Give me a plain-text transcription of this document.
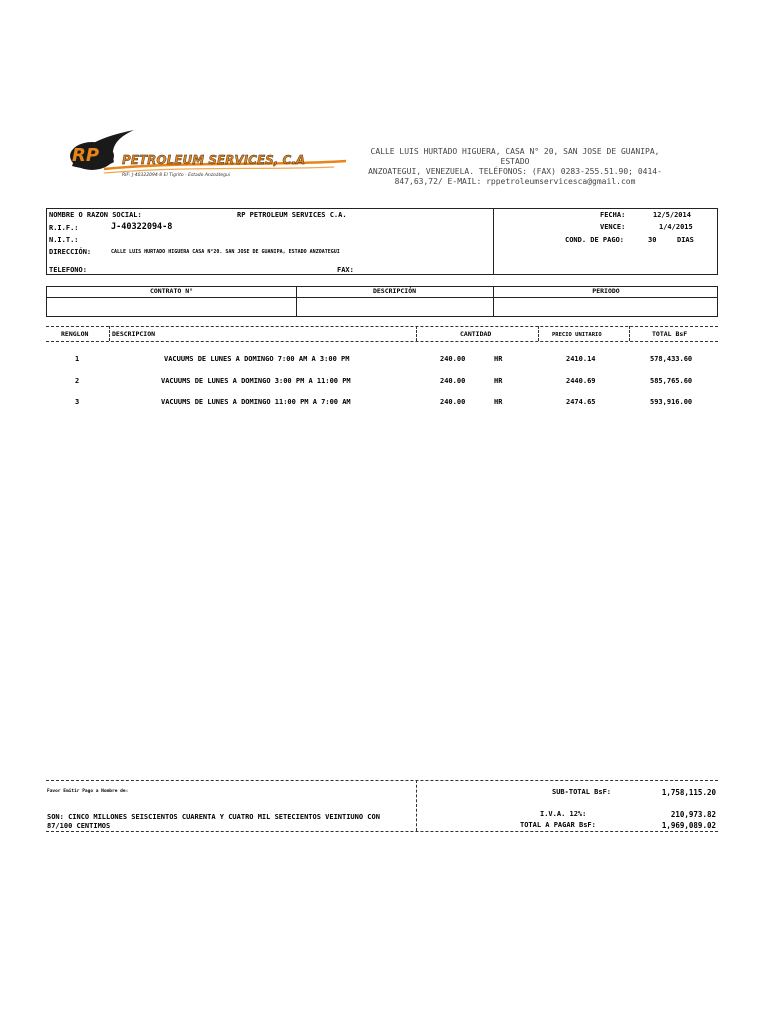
RP PETROLEUM SERVICES, C.A
RIF: J-40322094-8 El Tigrito - Estado Anzoátegui
CALLE LUIS HURTADO HIGUERA, CASA N° 20, SAN JOSE DE GUANIPA, ESTADO
ANZOATEGUI, VENEZUELA. TELÉFONOS: (FAX) 0283-255.51.90; 0414-
847,63,72/ E-MAIL: rppetroleumservicesca@gmail.com
NOMBRE O RAZON SOCIAL:	RP PETROLEUM SERVICES C.A.
R.I.F.:	J-40322094-8
N.I.T.:
DIRECCIÓN:	CALLE LUIS HURTADO HIGUERA CASA N°20. SAN JOSE DE GUANIPA, ESTADO ANZOATEGUI
TELEFONO:	FAX:
FECHA:	12/5/2014
VENCE:	1/4/2015
COND. DE PAGO:	30	DIAS
CONTRATO N°	DESCRIPCIÓN	PERIODO
RENGLON	DESCRIPCION	CANTIDAD	PRECIO UNITARIO	TOTAL BsF
1	VACUUMS DE LUNES A DOMINGO 7:00 AM A 3:00 PM	240.00	HR	2410.14	578,433.60
2	VACUUMS DE LUNES A DOMINGO 3:00 PM A 11:00 PM	240.00	HR	2440.69	585,765.60
3	VACUUMS DE LUNES A DOMINGO 11:00 PM A 7:00 AM	240.00	HR	2474.65	593,916.00
Favor Emitir Pago a Nombre de:
SON: CINCO MILLONES SEISCIENTOS CUARENTA Y CUATRO MIL SETECIENTOS VEINTIUNO CON
87/100 CENTIMOS
SUB-TOTAL BsF:	1,758,115.20
I.V.A. 12%:	210,973.82
TOTAL A PAGAR BsF:	1,969,089.02
